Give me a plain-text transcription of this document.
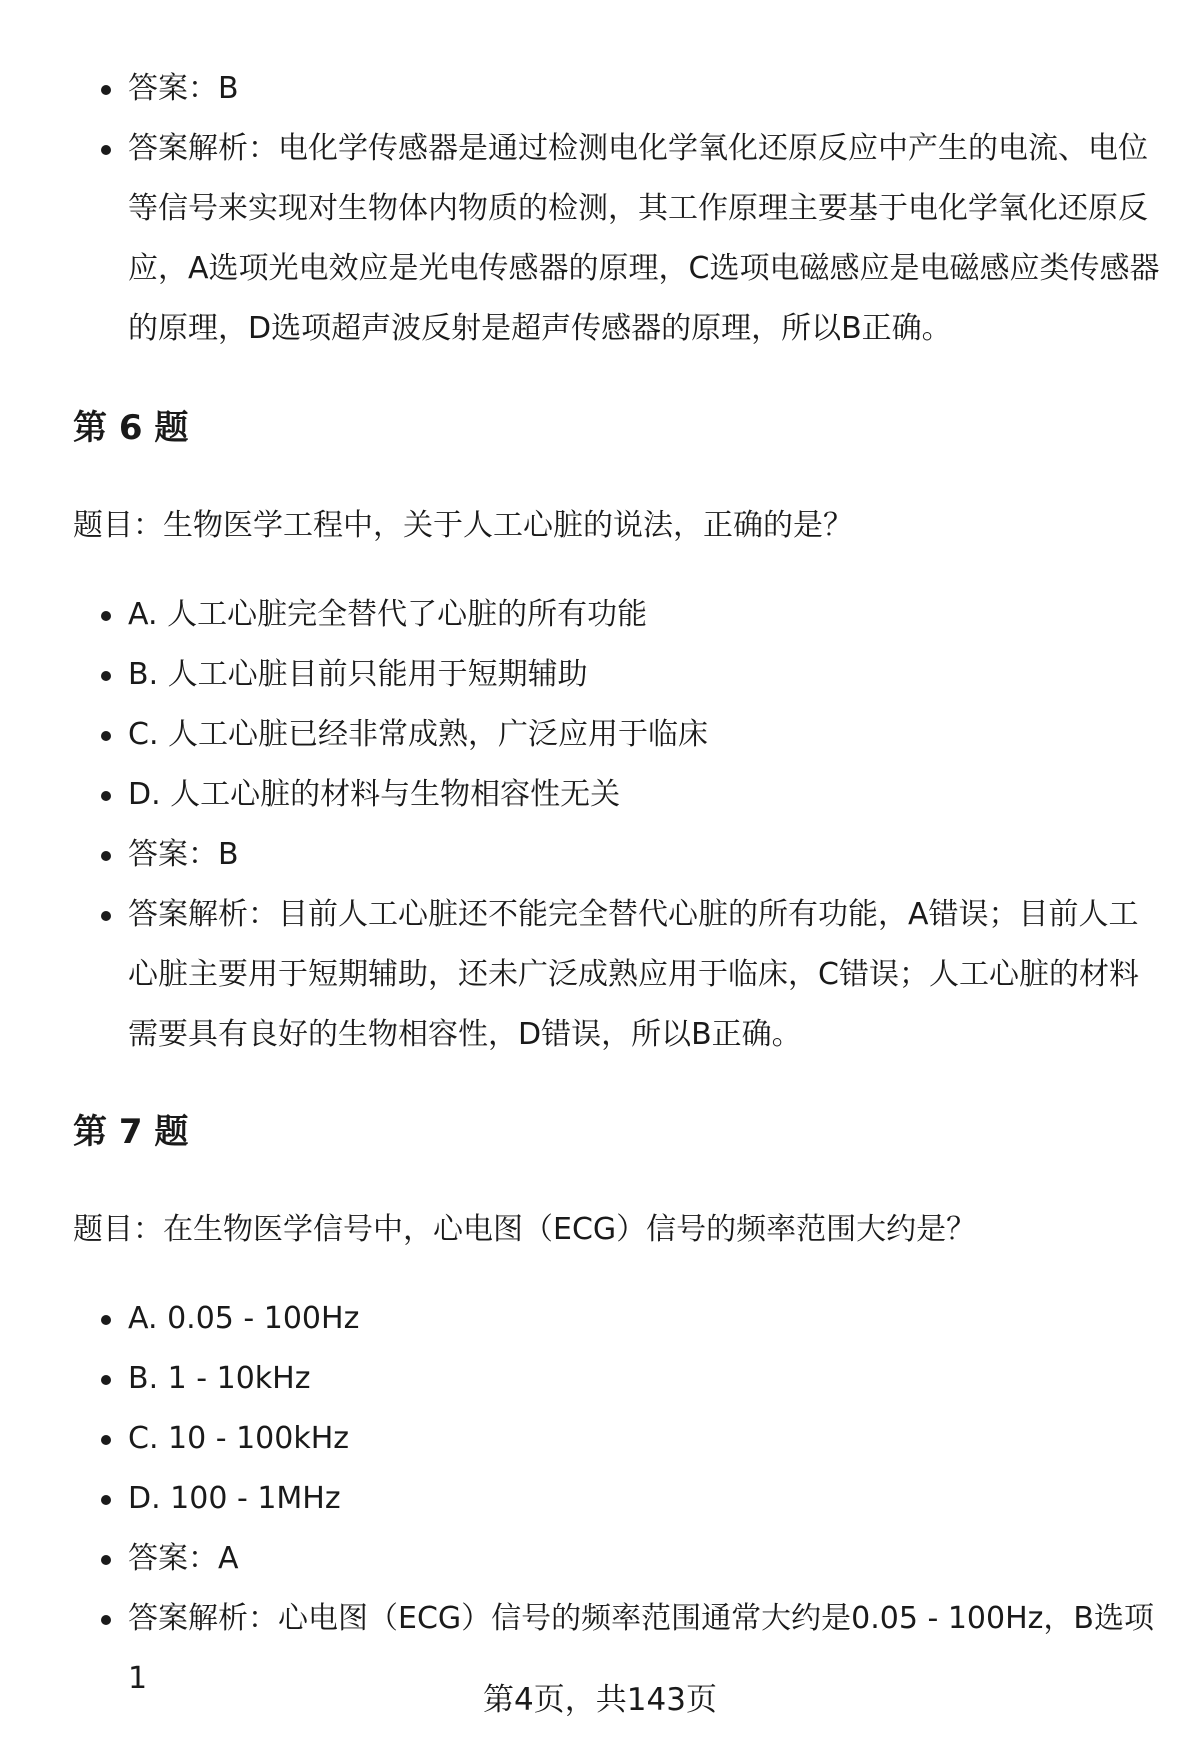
答案：B
答案解析：电化学传感器是通过检测电化学氧化还原反应中产生的电流、电位等信号来实现对生物体内物质的检测，其工作原理主要基于电化学氧化还原反应，A选项光电效应是光电传感器的原理，C选项电磁感应是电磁感应类传感器的原理，D选项超声波反射是超声传感器的原理，所以B正确。
第 6 题
题目：生物医学工程中，关于人工心脏的说法，正确的是？
A. 人工心脏完全替代了心脏的所有功能
B. 人工心脏目前只能用于短期辅助
C. 人工心脏已经非常成熟，广泛应用于临床
D. 人工心脏的材料与生物相容性无关
答案：B
答案解析：目前人工心脏还不能完全替代心脏的所有功能，A错误；目前人工心脏主要用于短期辅助，还未广泛成熟应用于临床，C错误；人工心脏的材料需要具有良好的生物相容性，D错误，所以B正确。
第 7 题
题目：在生物医学信号中，心电图（ECG）信号的频率范围大约是？
A. 0.05 - 100Hz
B. 1 - 10kHz
C. 10 - 100kHz
D. 100 - 1MHz
答案：A
答案解析：心电图（ECG）信号的频率范围通常大约是0.05 - 100Hz，B选项1
第4页，共143页
